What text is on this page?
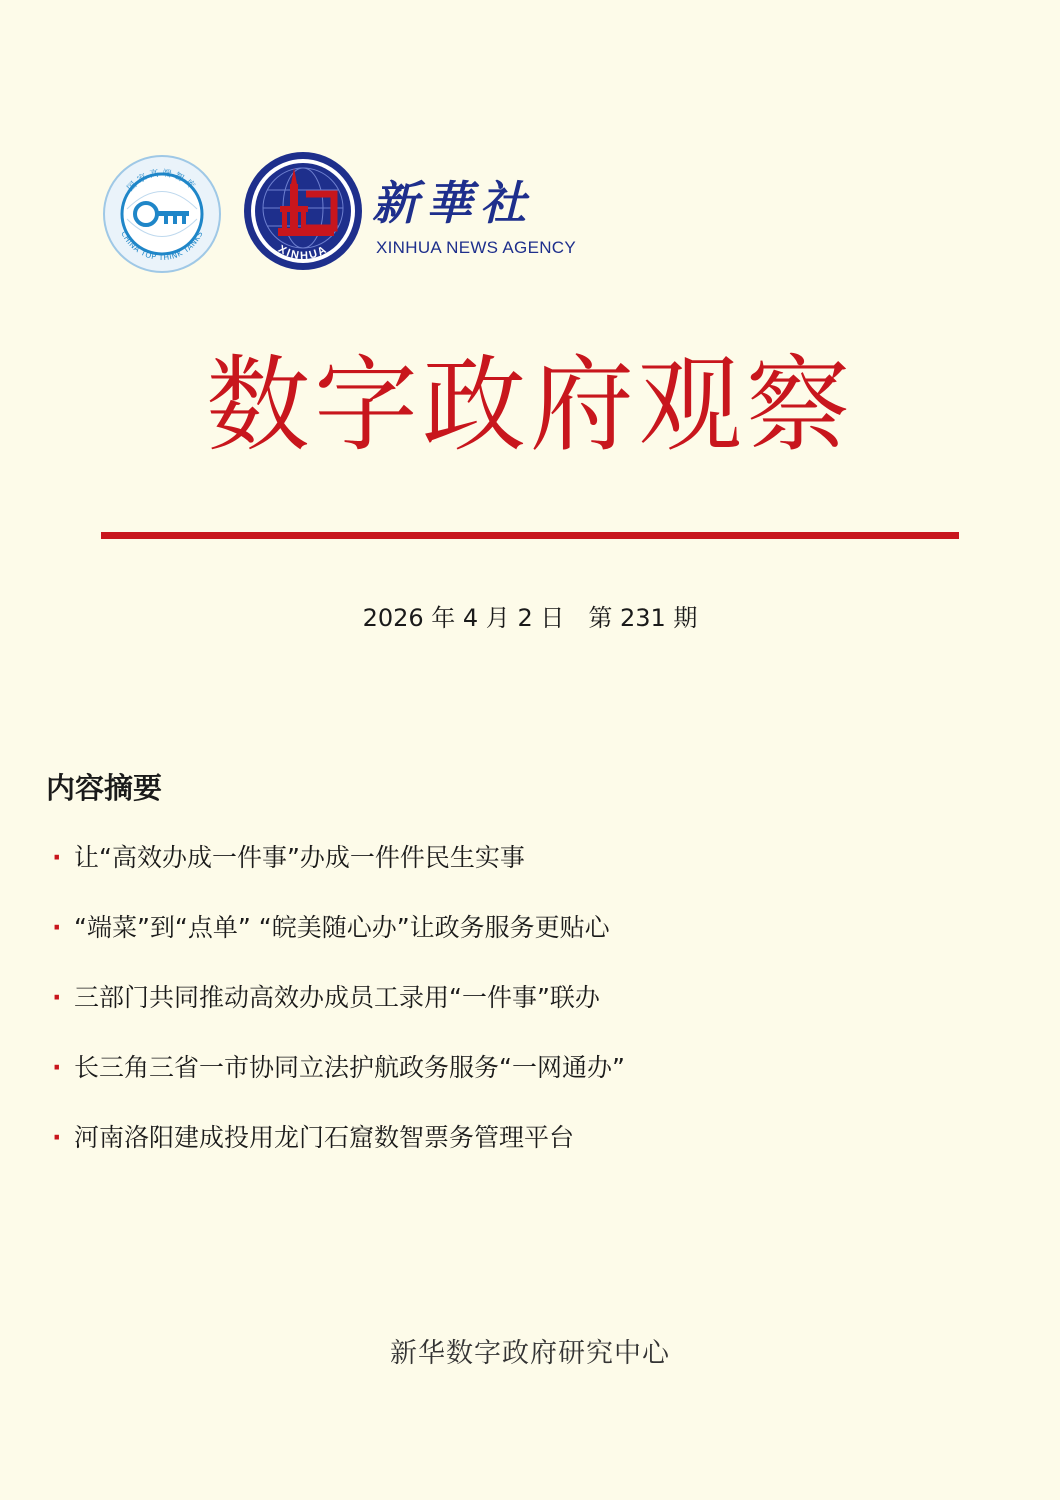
国家高端智库
CHINA TOP THINK TANKS
XINHUA
新華社
XINHUA NEWS AGENCY
数字政府观察
2026 年 4 月 2 日 第 231 期
内容摘要
· 让“高效办成一件事”办成一件件民生实事
· “端菜”到“点单” “皖美随心办”让政务服务更贴心
· 三部门共同推动高效办成员工录用“一件事”联办
· 长三角三省一市协同立法护航政务服务“一网通办”
· 河南洛阳建成投用龙门石窟数智票务管理平台
新华数字政府研究中心
